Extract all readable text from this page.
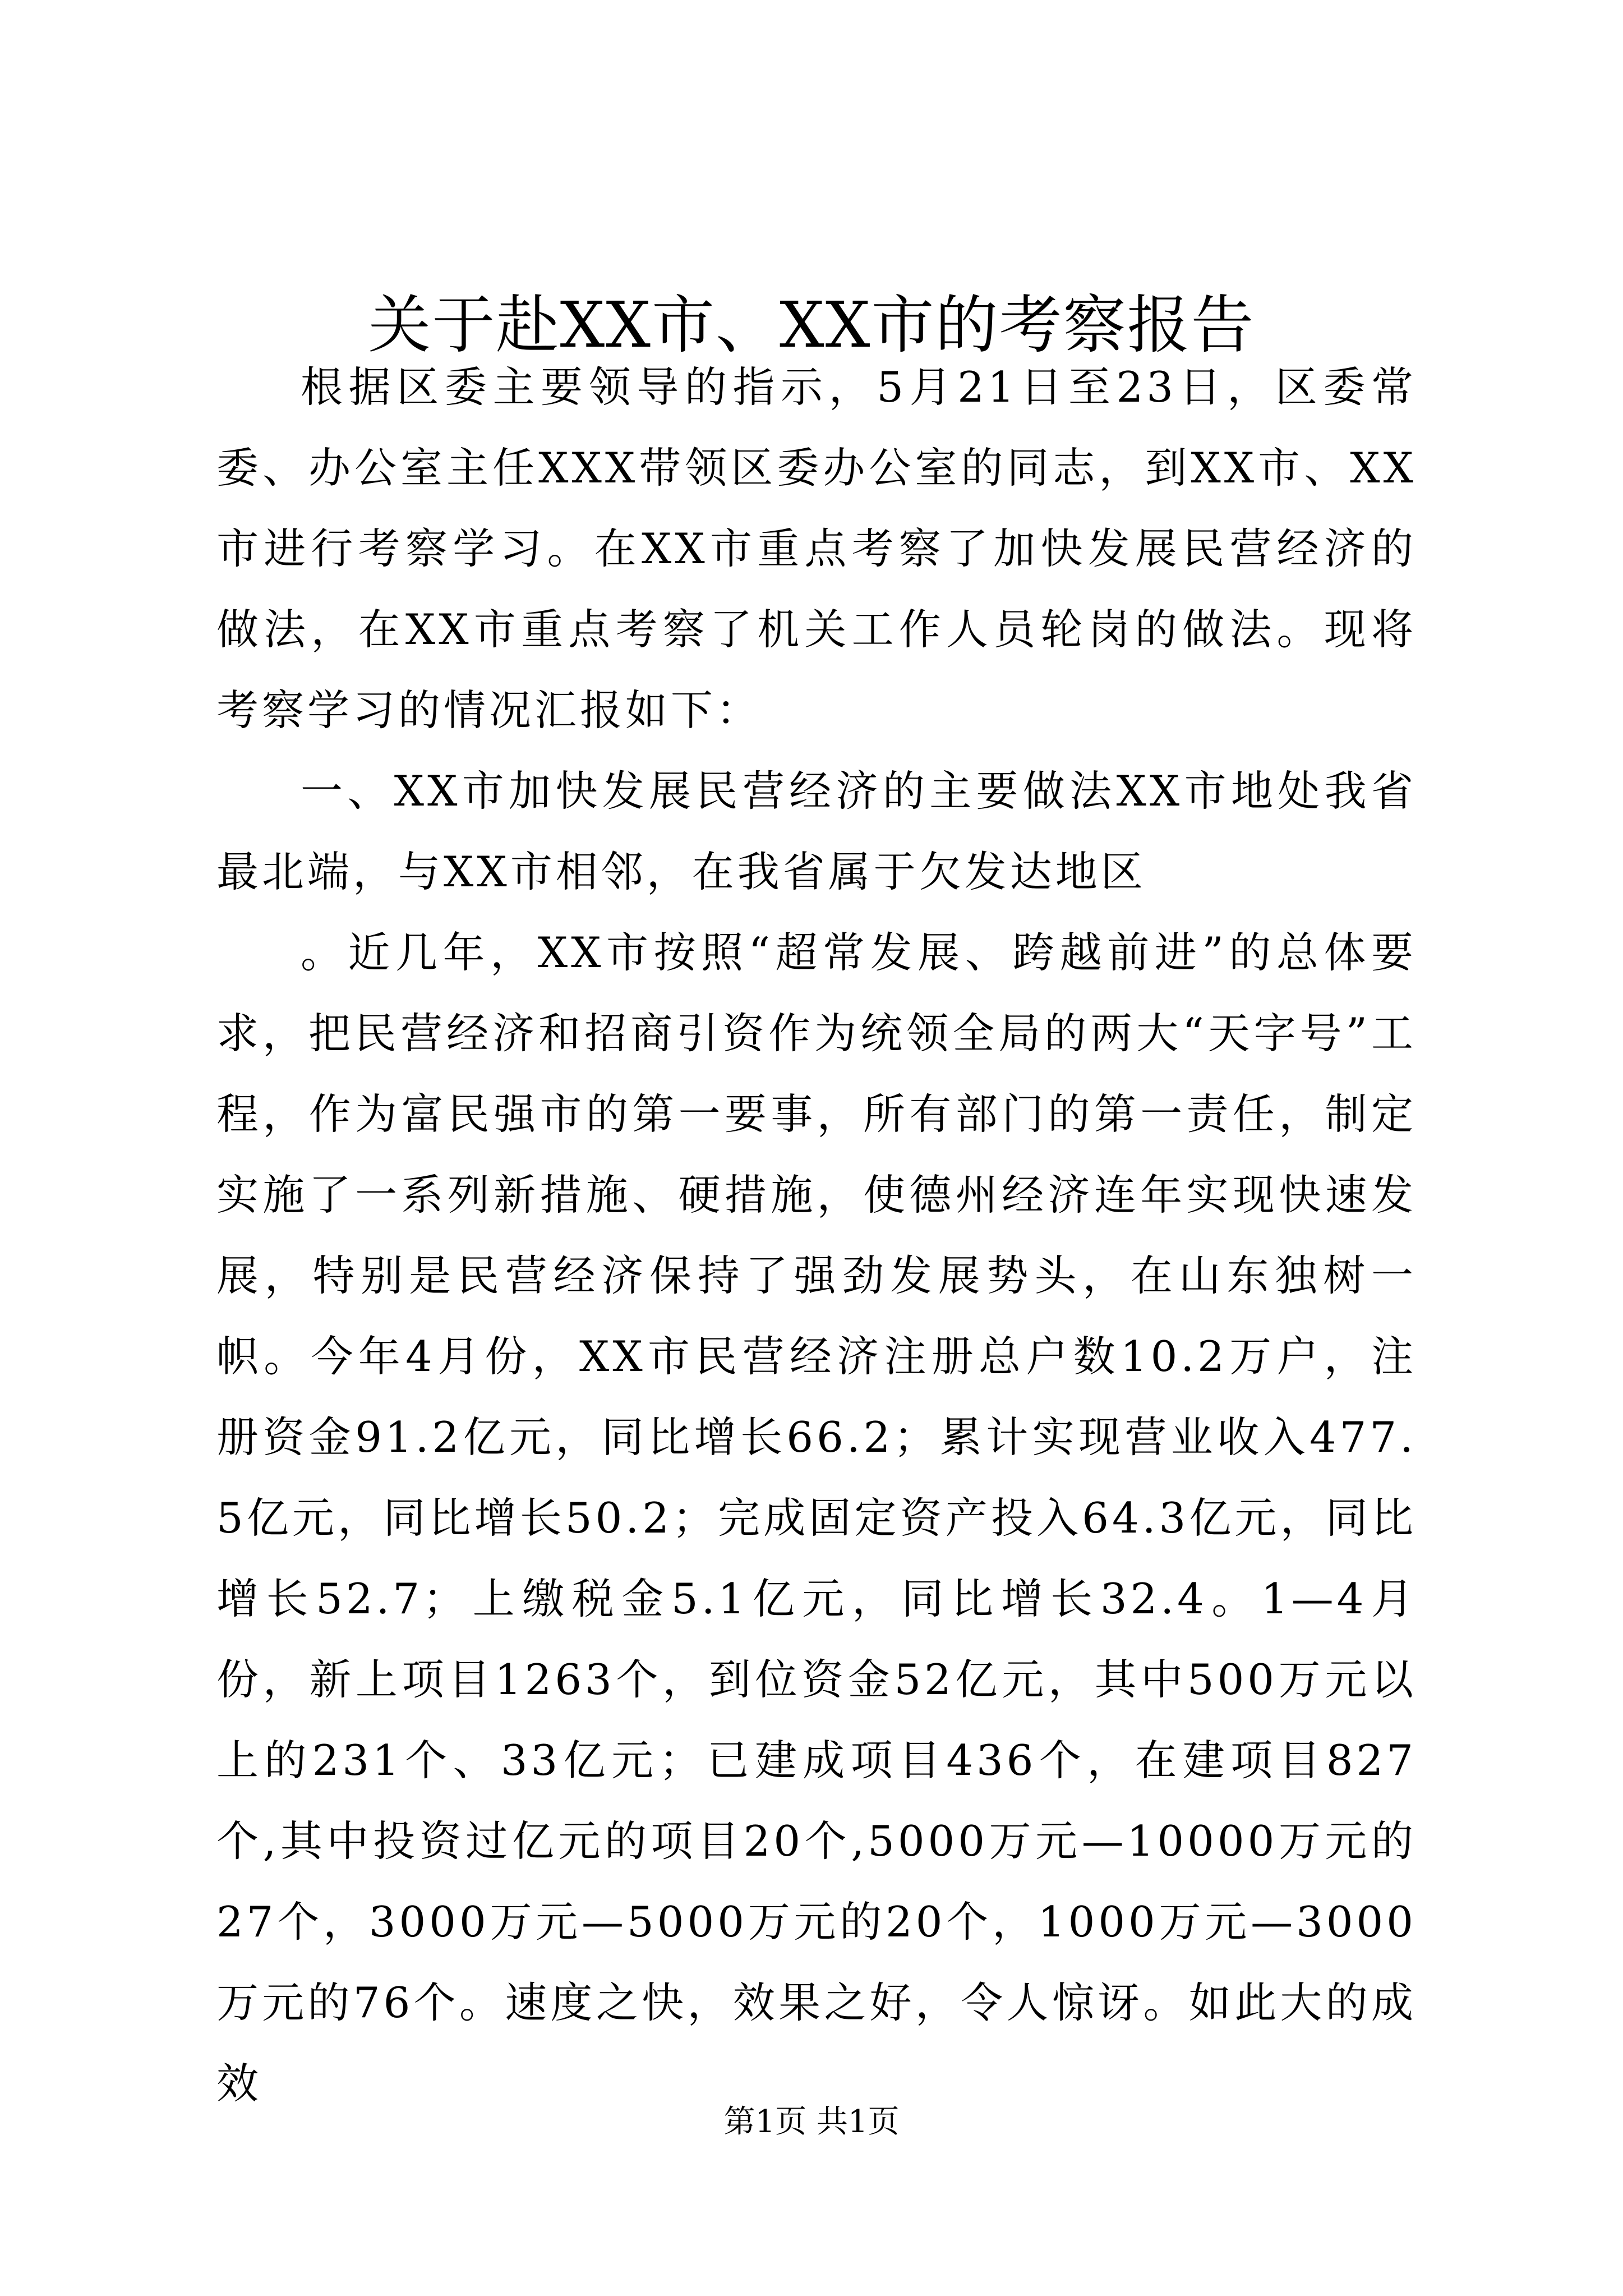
关于赴XX市、XX市的考察报告

根据区委主要领导的指示，5月21日至23日，区委常委、办公室主任XXX带领区委办公室的同志，到XX市、XX市进行考察学习。在XX市重点考察了加快发展民营经济的做法，在XX市重点考察了机关工作人员轮岗的做法。现将考察学习的情况汇报如下：

一、XX市加快发展民营经济的主要做法XX市地处我省最北端，与XX市相邻，在我省属于欠发达地区

。近几年，XX市按照“超常发展、跨越前进”的总体要求，把民营经济和招商引资作为统领全局的两大“天字号”工程，作为富民强市的第一要事，所有部门的第一责任，制定实施了一系列新措施、硬措施，使德州经济连年实现快速发展，特别是民营经济保持了强劲发展势头，在山东独树一帜。今年4月份，XX市民营经济注册总户数10.2万户，注册资金91.2亿元，同比增长66.2；累计实现营业收入477.5亿元，同比增长50.2；完成固定资产投入64.3亿元，同比增长52.7；上缴税金5.1亿元，同比增长32.4。1—4月份，新上项目1263个，到位资金52亿元，其中500万元以上的231个、33亿元；已建成项目436个，在建项目827个,其中投资过亿元的项目20个,5000万元—10000万元的27个，3000万元—5000万元的20个，1000万元—3000万元的76个。速度之快，效果之好，令人惊讶。如此大的成效

第1页 共1页
